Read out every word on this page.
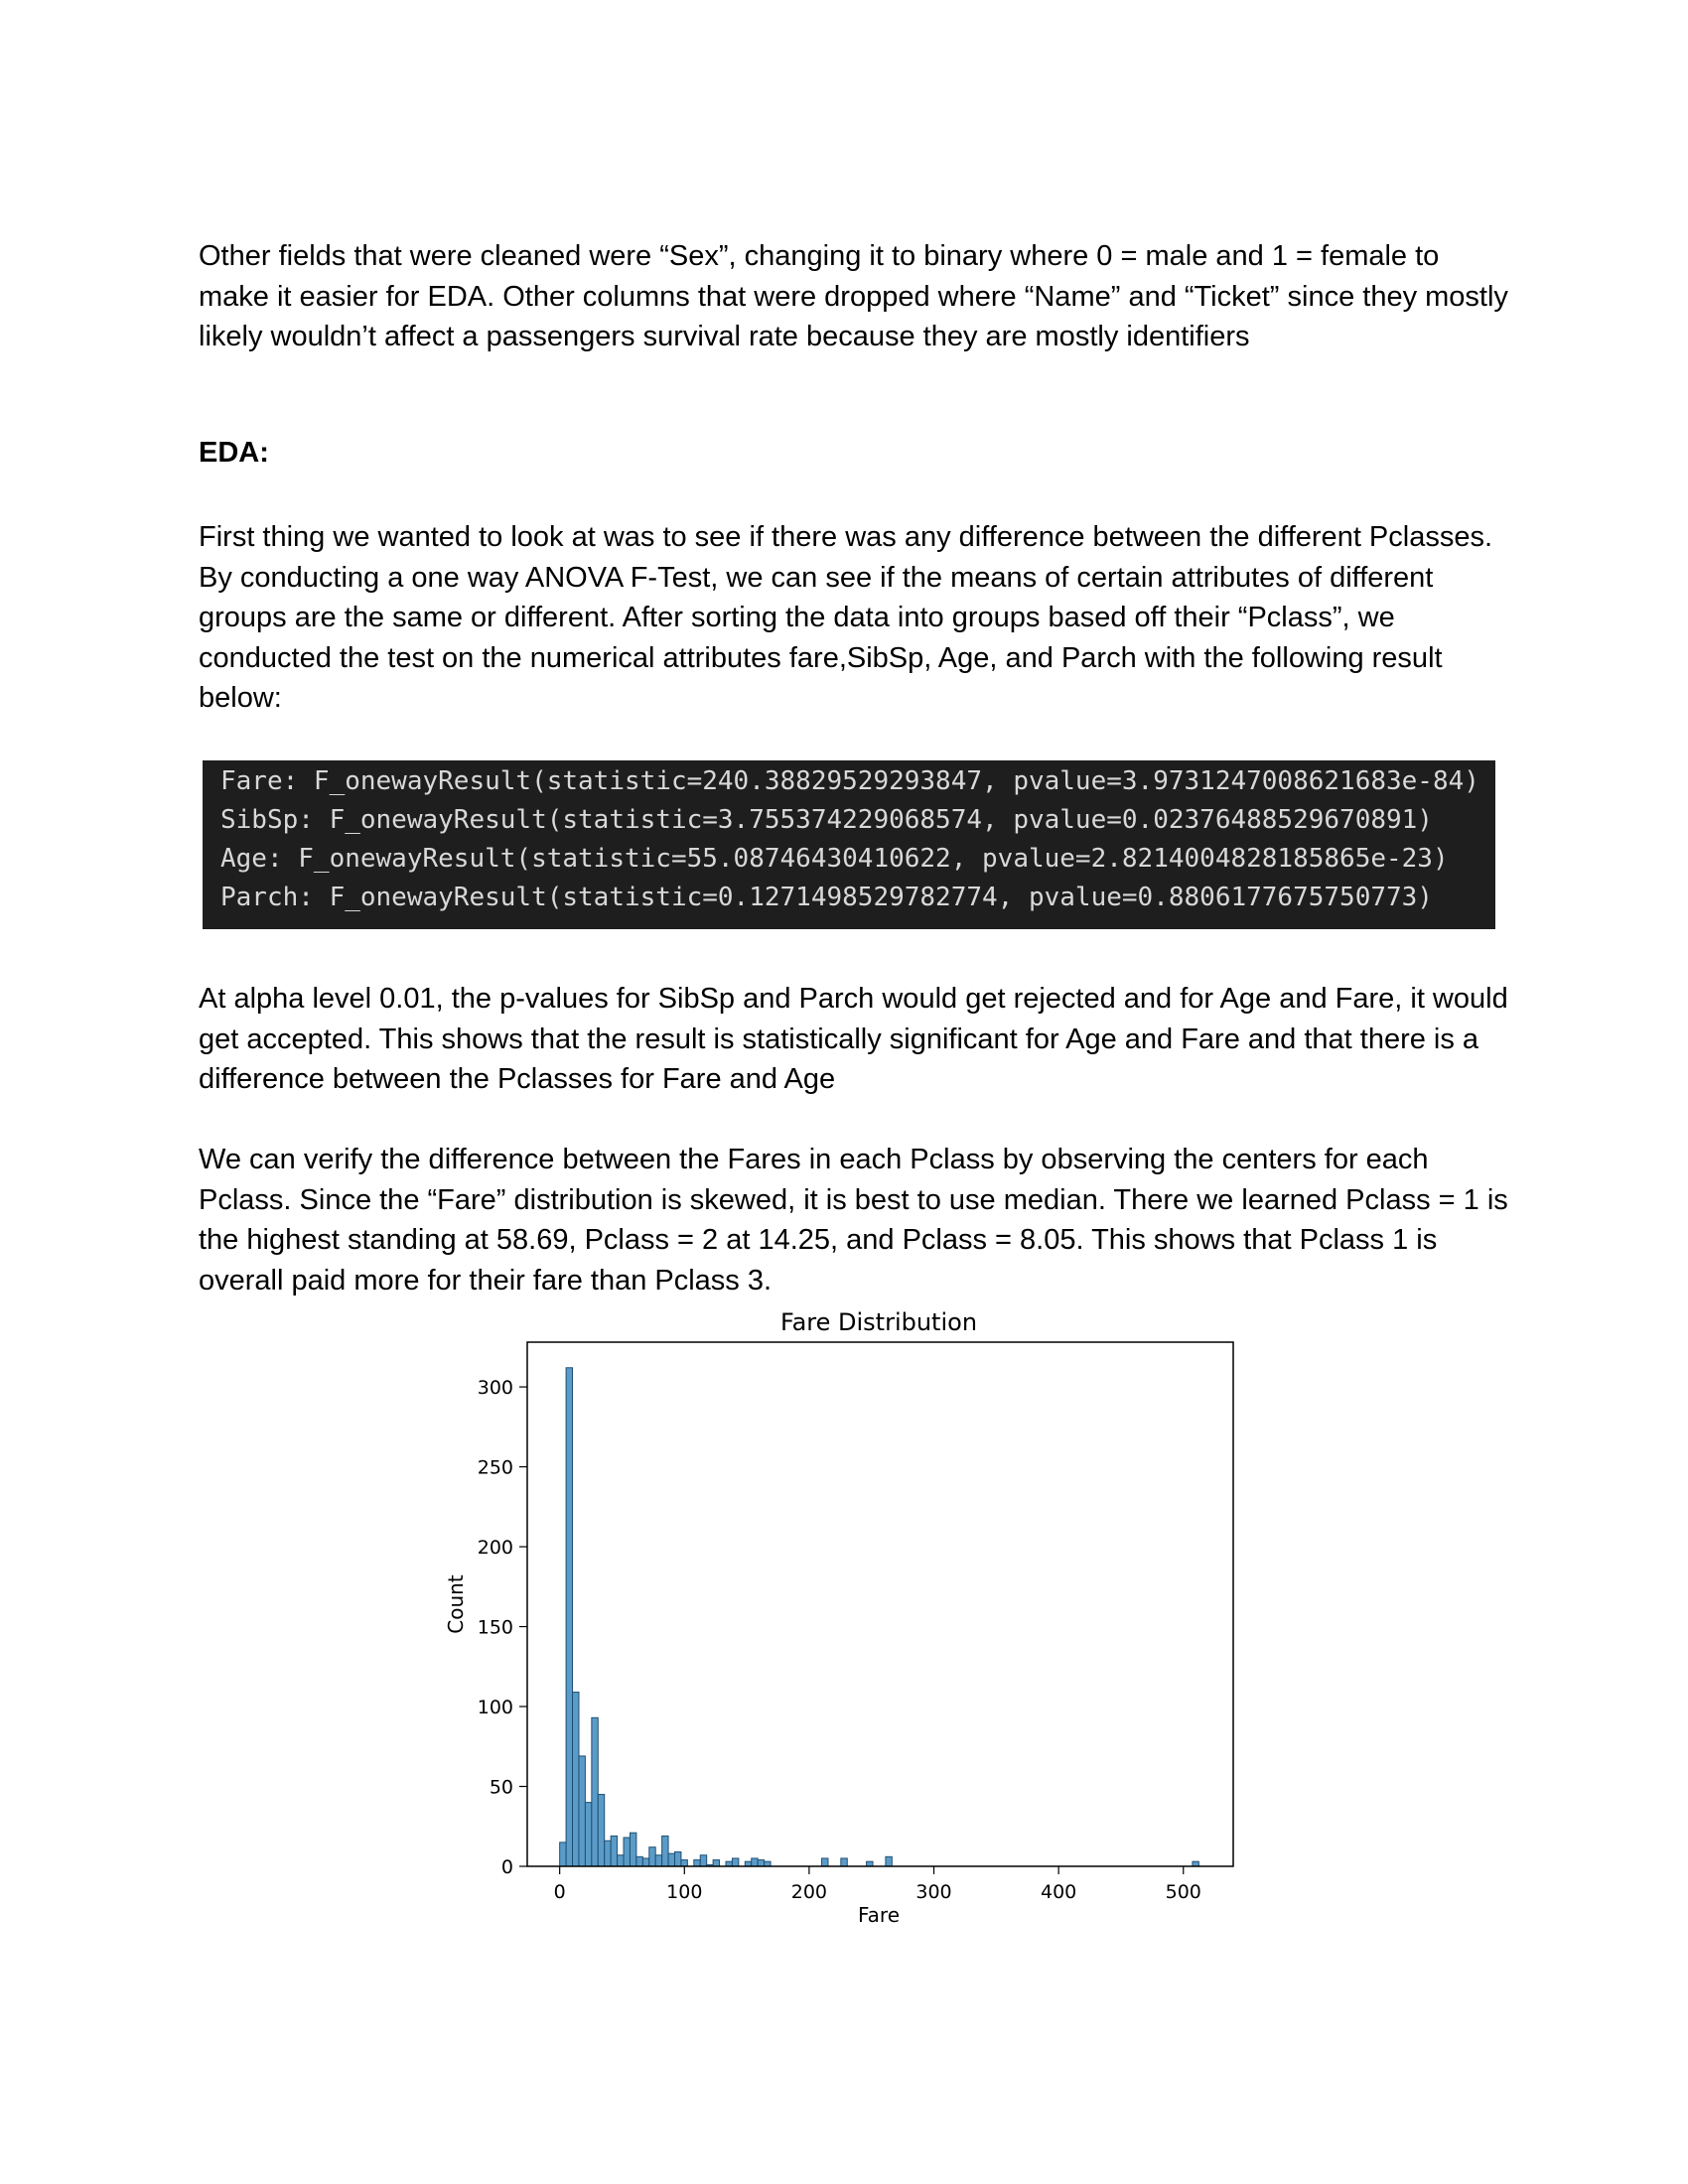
Other fields that were cleaned were “Sex”, changing it to binary where 0 = male and 1 = female to make it easier for EDA. Other columns that were dropped where “Name” and “Ticket” since they mostly likely wouldn’t affect a passengers survival rate because they are mostly identifiers

EDA:

First thing we wanted to look at was to see if there was any difference between the different Pclasses. By conducting a one way ANOVA F-Test, we can see if the means of certain attributes of different groups are the same or different. After sorting the data into groups based off their “Pclass”, we conducted the test on the numerical attributes fare,SibSp, Age, and Parch with the following result below:

Fare: F_onewayResult(statistic=240.38829529293847, pvalue=3.9731247008621683e-84)
SibSp: F_onewayResult(statistic=3.755374229068574, pvalue=0.02376488529670891)
Age: F_onewayResult(statistic=55.08746430410622, pvalue=2.8214004828185865e-23)
Parch: F_onewayResult(statistic=0.1271498529782774, pvalue=0.8806177675750773)

At alpha level 0.01, the p-values for SibSp and Parch would get rejected and for Age and Fare, it would get accepted. This shows that the result is statistically significant for Age and Fare and that there is a difference between the Pclasses for Fare and Age

We can verify the difference between the Fares in each Pclass by observing the centers for each Pclass. Since the “Fare” distribution is skewed, it is best to use median. There we learned Pclass = 1 is the highest standing at 58.69, Pclass = 2 at 14.25, and Pclass = 8.05. This shows that Pclass 1 is overall paid more for their fare than Pclass 3.

Fare Distribution
0	100	200	300	400	500
0
50
100
150
200
250
300
Fare
Count
